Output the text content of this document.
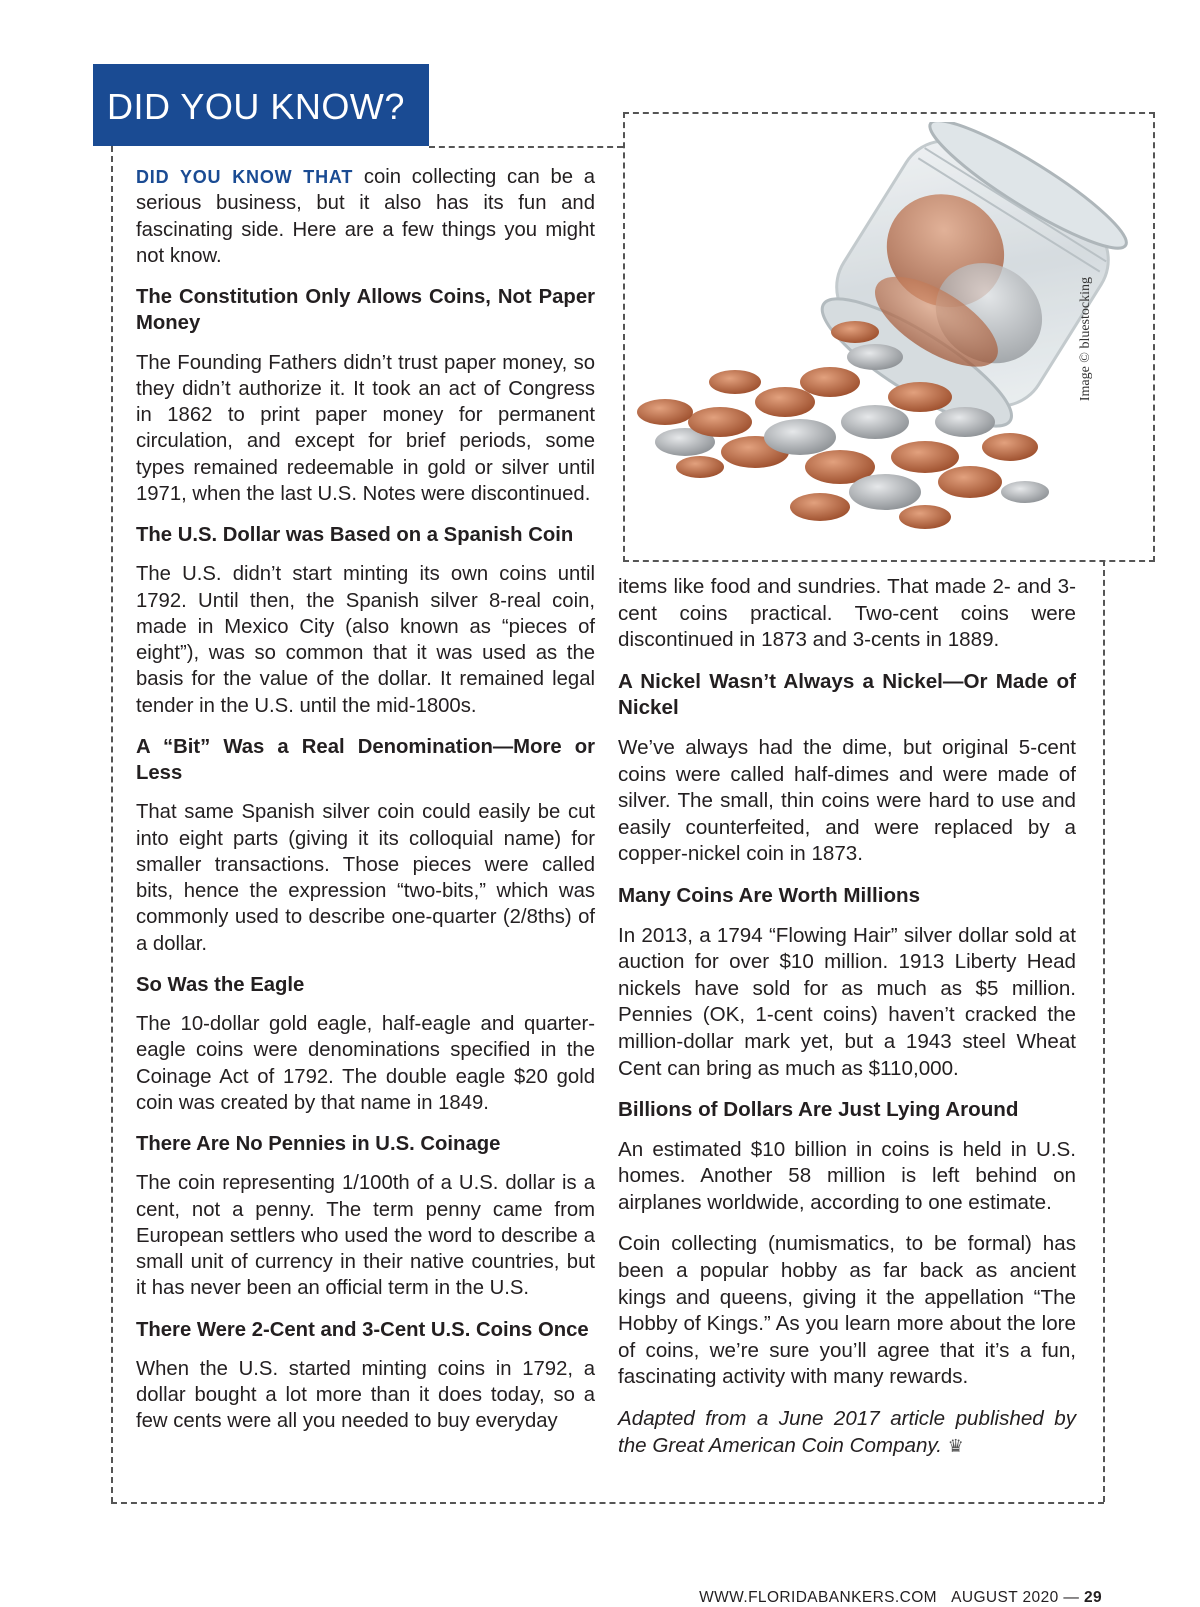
DID YOU KNOW?
Image © bluestocking

DID YOU KNOW THAT coin collecting can be a serious business, but it also has its fun and fascinating side. Here are a few things you might not know.

The Constitution Only Allows Coins, Not Paper Money

The Founding Fathers didn’t trust paper money, so they didn’t authorize it. It took an act of Congress in 1862 to print paper money for permanent circulation, and except for brief periods, some types remained redeemable in gold or silver until 1971, when the last U.S. Notes were discontinued.

The U.S. Dollar was Based on a Spanish Coin

The U.S. didn’t start minting its own coins until 1792. Until then, the Spanish silver 8-real coin, made in Mexico City (also known as “pieces of eight”), was so common that it was used as the basis for the value of the dollar. It remained legal tender in the U.S. until the mid-1800s.

A “Bit” Was a Real Denomination—More or Less

That same Spanish silver coin could easily be cut into eight parts (giving it its colloquial name) for smaller transactions. Those pieces were called bits, hence the expression “two-bits,” which was commonly used to describe one-quarter (2/8ths) of a dollar.

So Was the Eagle

The 10-dollar gold eagle, half-eagle and quarter-eagle coins were denominations specified in the Coinage Act of 1792. The double eagle $20 gold coin was created by that name in 1849.

There Are No Pennies in U.S. Coinage

The coin representing 1/100th of a U.S. dollar is a cent, not a penny. The term penny came from European settlers who used the word to describe a small unit of currency in their native countries, but it has never been an official term in the U.S.

There Were 2-Cent and 3-Cent U.S. Coins Once

When the U.S. started minting coins in 1792, a dollar bought a lot more than it does today, so a few cents were all you needed to buy everyday

items like food and sundries. That made 2- and 3-cent coins practical. Two-cent coins were discontinued in 1873 and 3-cents in 1889.

A Nickel Wasn’t Always a Nickel—Or Made of Nickel

We’ve always had the dime, but original 5-cent coins were called half-dimes and were made of silver. The small, thin coins were hard to use and easily counterfeited, and were replaced by a copper-nickel coin in 1873.

Many Coins Are Worth Millions

In 2013, a 1794 “Flowing Hair” silver dollar sold at auction for over $10 million. 1913 Liberty Head nickels have sold for as much as $5 million. Pennies (OK, 1-cent coins) haven’t cracked the million-dollar mark yet, but a 1943 steel Wheat Cent can bring as much as $110,000.

Billions of Dollars Are Just Lying Around

An estimated $10 billion in coins is held in U.S. homes. Another 58 million is left behind on airplanes worldwide, according to one estimate.

Coin collecting (numismatics, to be formal) has been a popular hobby as far back as ancient kings and queens, giving it the appellation “The Hobby of Kings.” As you learn more about the lore of coins, we’re sure you’ll agree that it’s a fun, fascinating activity with many rewards.

Adapted from a June 2017 article published by the Great American Coin Company. ♛

WWW.FLORIDABANKERS.COM AUGUST 2020 — 29
